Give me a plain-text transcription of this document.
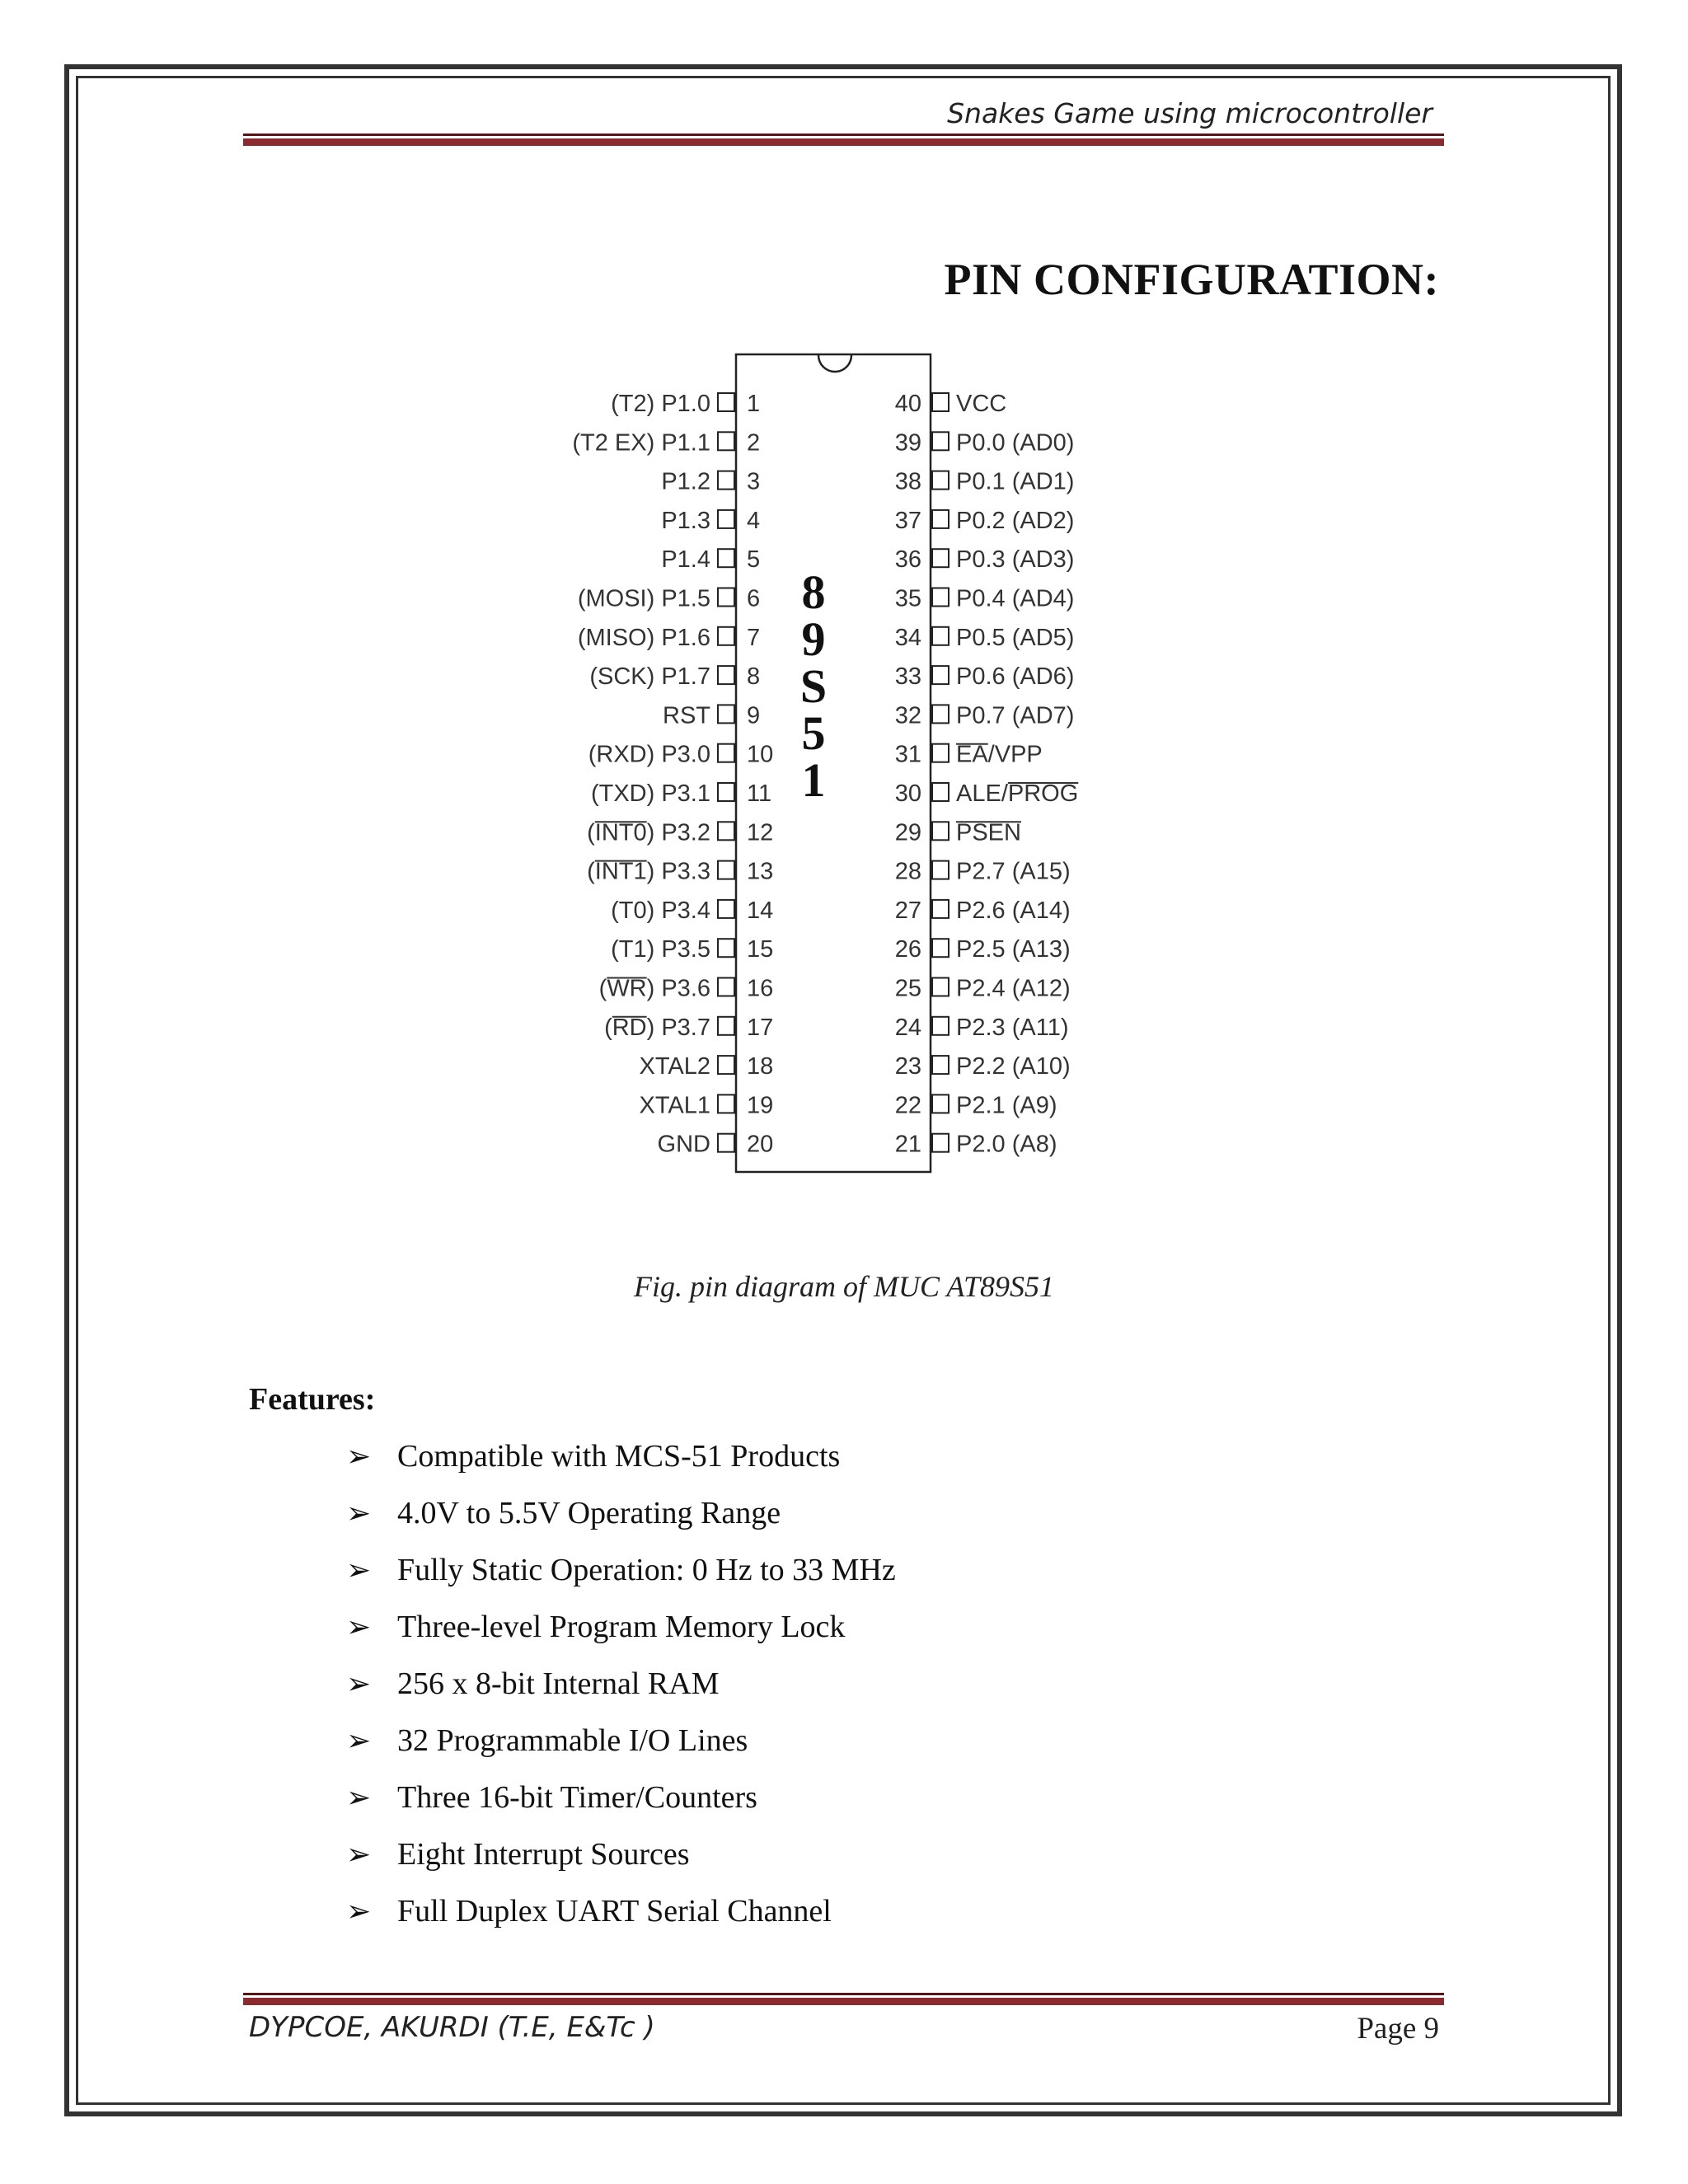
Snakes Game using microcontroller
PIN CONFIGURATION:
8
9
S
5
1
1
(T2) P1.0
2
(T2 EX) P1.1
3
P1.2
4
P1.3
5
P1.4
6
(MOSI) P1.5
7
(MISO) P1.6
8
(SCK) P1.7
9
RST
10
(RXD) P3.0
11
(TXD) P3.1
12
(INT0) P3.2
13
(INT1) P3.3
14
(T0) P3.4
15
(T1) P3.5
16
(WR) P3.6
17
(RD) P3.7
18
XTAL2
19
XTAL1
20
GND
40 VCC
39 P0.0 (AD0)
38 P0.1 (AD1)
37 P0.2 (AD2)
36 P0.3 (AD3)
35 P0.4 (AD4)
34 P0.5 (AD5)
33 P0.6 (AD6)
32 P0.7 (AD7)
31 EA/VPP
30 ALE/PROG
29 PSEN
28 P2.7 (A15)
27 P2.6 (A14)
26 P2.5 (A13)
25 P2.4 (A12)
24 P2.3 (A11)
23 P2.2 (A10)
22 P2.1 (A9)
21 P2.0 (A8)
Fig. pin diagram of MUC AT89S51
Features:
➢ Compatible with MCS-51 Products
➢ 4.0V to 5.5V Operating Range
➢ Fully Static Operation: 0 Hz to 33 MHz
➢ Three-level Program Memory Lock
➢ 256 x 8-bit Internal RAM
➢ 32 Programmable I/O Lines
➢ Three 16-bit Timer/Counters
➢ Eight Interrupt Sources
➢ Full Duplex UART Serial Channel
DYPCOE, AKURDI (T.E, E&Tc )	Page 9
